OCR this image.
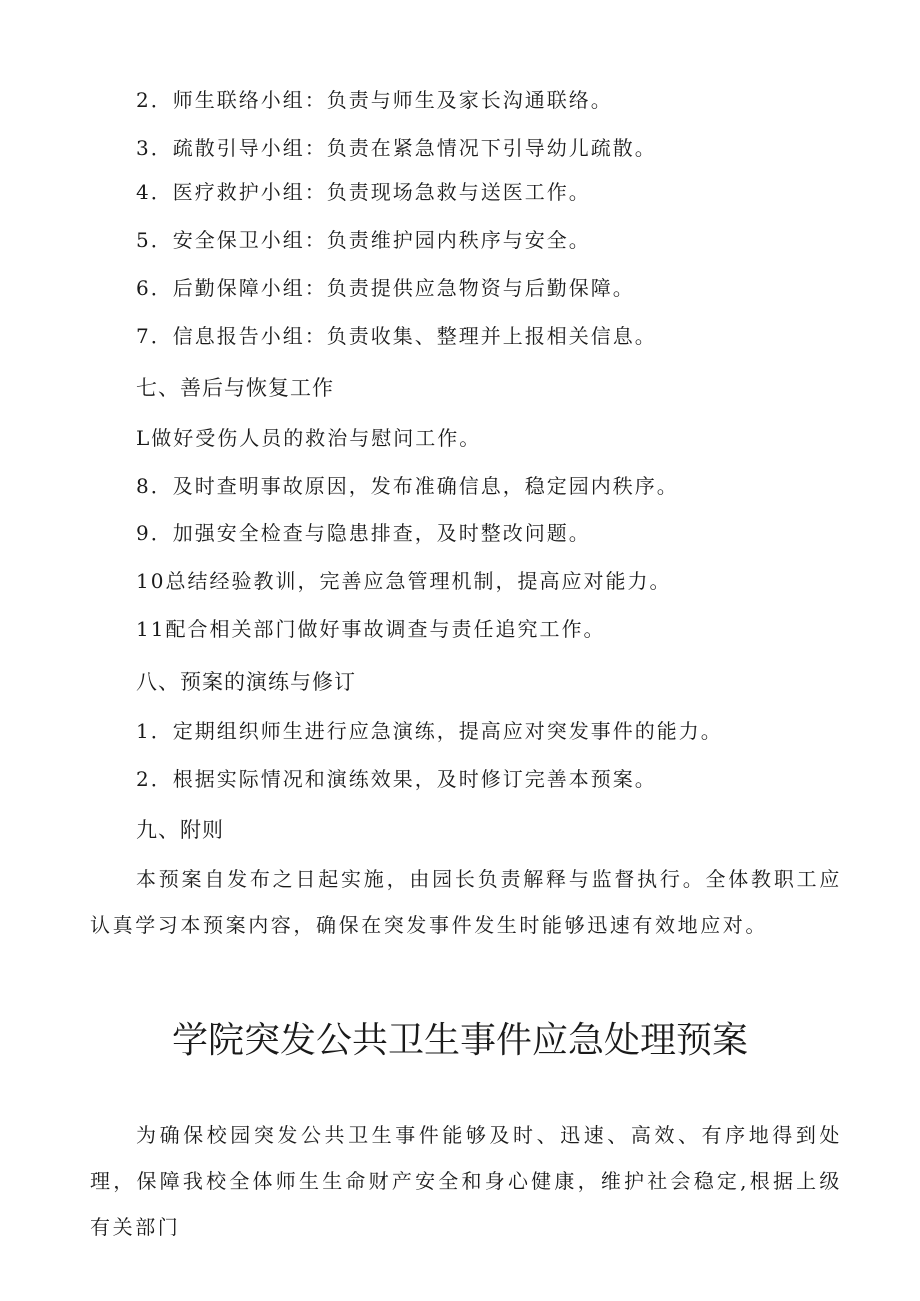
2．师生联络小组：负责与师生及家长沟通联络。
3．疏散引导小组：负责在紧急情况下引导幼儿疏散。
4．医疗救护小组：负责现场急救与送医工作。
5．安全保卫小组：负责维护园内秩序与安全。
6．后勤保障小组：负责提供应急物资与后勤保障。
7．信息报告小组：负责收集、整理并上报相关信息。
七、善后与恢复工作
L做好受伤人员的救治与慰问工作。
8．及时查明事故原因，发布准确信息，稳定园内秩序。
9．加强安全检查与隐患排查，及时整改问题。
10总结经验教训，完善应急管理机制，提高应对能力。
11配合相关部门做好事故调查与责任追究工作。
八、预案的演练与修订
1．定期组织师生进行应急演练，提高应对突发事件的能力。
2．根据实际情况和演练效果，及时修订完善本预案。
九、附则
本预案自发布之日起实施，由园长负责解释与监督执行。全体教职工应认真学习本预案内容，确保在突发事件发生时能够迅速有效地应对。
学院突发公共卫生事件应急处理预案
为确保校园突发公共卫生事件能够及时、迅速、高效、有序地得到处理，保障我校全体师生生命财产安全和身心健康，维护社会稳定,根据上级有关部门
